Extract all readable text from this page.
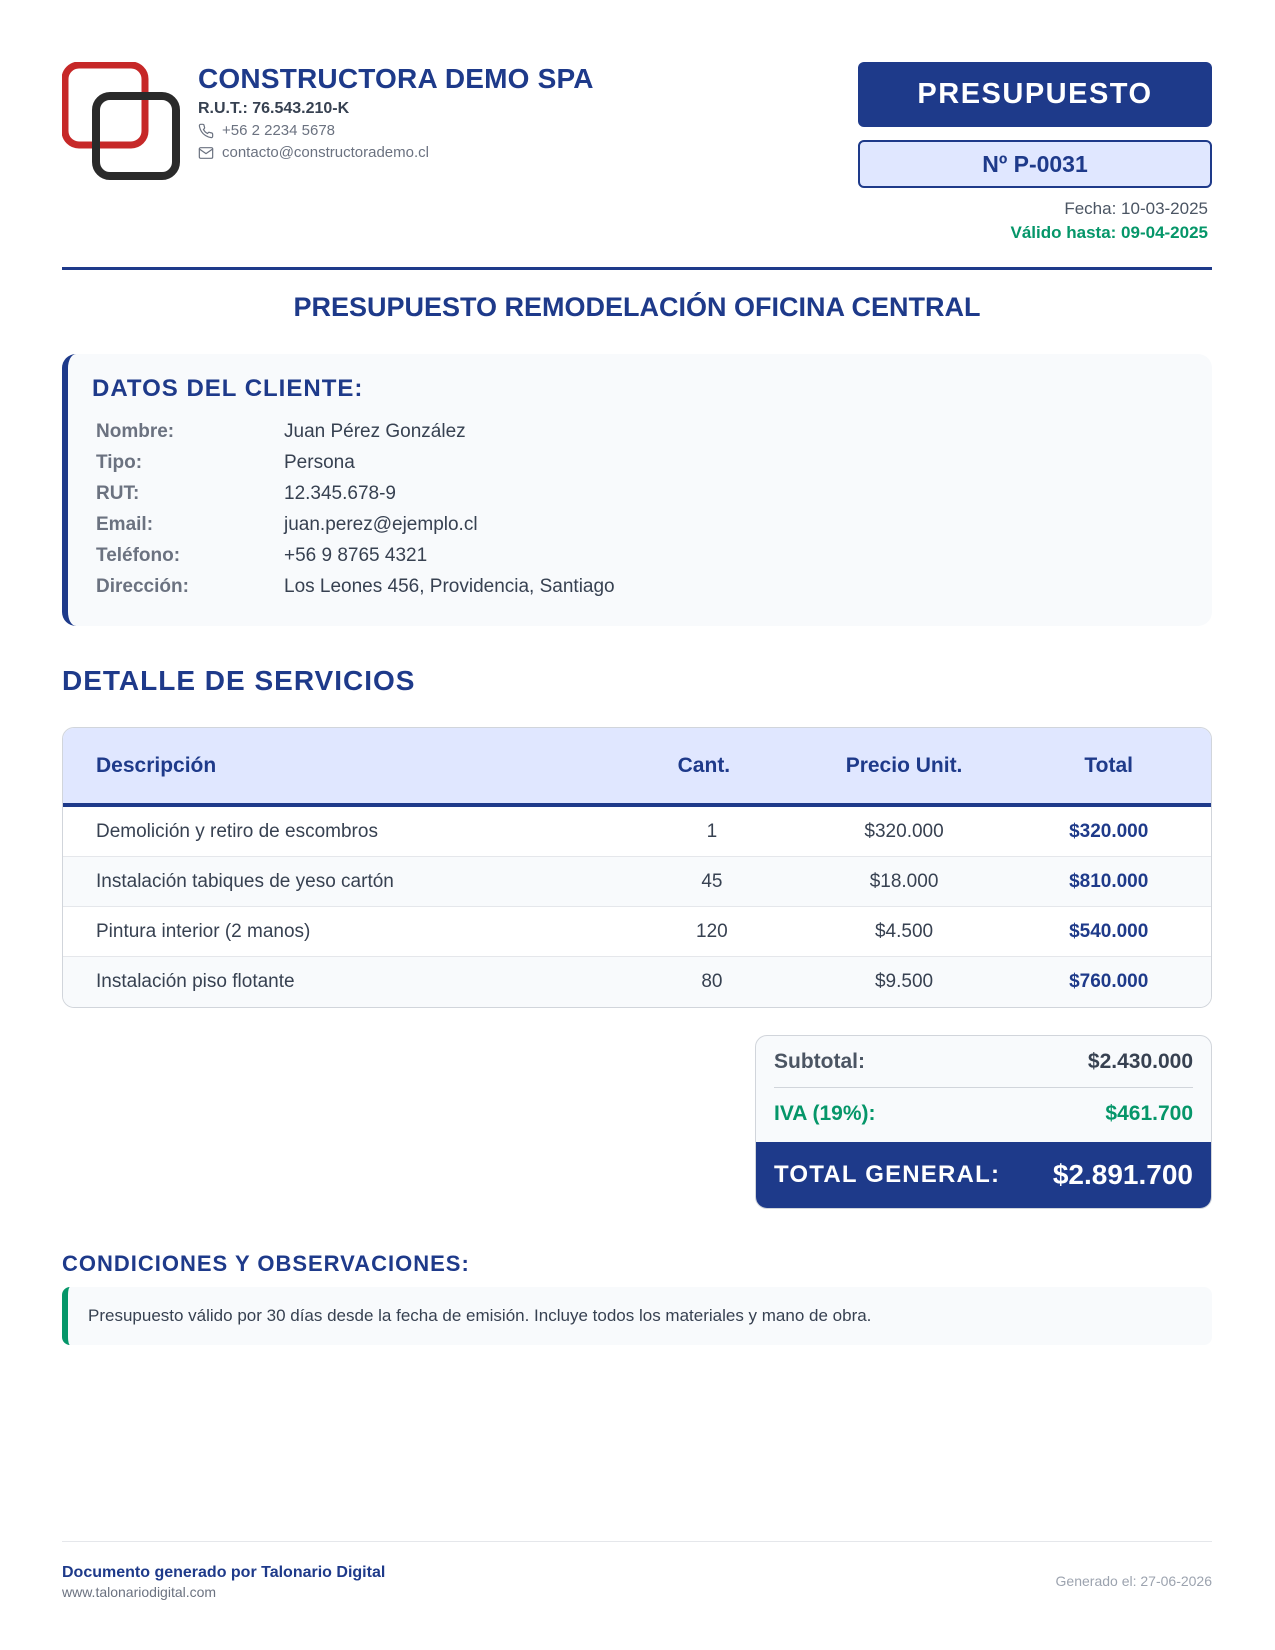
CONSTRUCTORA DEMO SPA
R.U.T.: 76.543.210-K
+56 2 2234 5678
contacto@constructorademo.cl
PRESUPUESTO
Nº P-0031
Fecha: 10-03-2025
Válido hasta: 09-04-2025
PRESUPUESTO REMODELACIÓN OFICINA CENTRAL
DATOS DEL CLIENTE:
Nombre:	Juan Pérez González
Tipo:	Persona
RUT:	12.345.678-9
Email:	juan.perez@ejemplo.cl
Teléfono:	+56 9 8765 4321
Dirección:	Los Leones 456, Providencia, Santiago
DETALLE DE SERVICIOS
Descripción	Cant.	Precio Unit.	Total
Demolición y retiro de escombros	1	$320.000	$320.000
Instalación tabiques de yeso cartón	45	$18.000	$810.000
Pintura interior (2 manos)	120	$4.500	$540.000
Instalación piso flotante	80	$9.500	$760.000
Subtotal:	$2.430.000
IVA (19%):	$461.700
TOTAL GENERAL: $2.891.700
CONDICIONES Y OBSERVACIONES:
Presupuesto válido por 30 días desde la fecha de emisión. Incluye todos los materiales y mano de obra.
Documento generado por Talonario Digital
www.talonariodigital.com
Generado el: 27-06-2026
